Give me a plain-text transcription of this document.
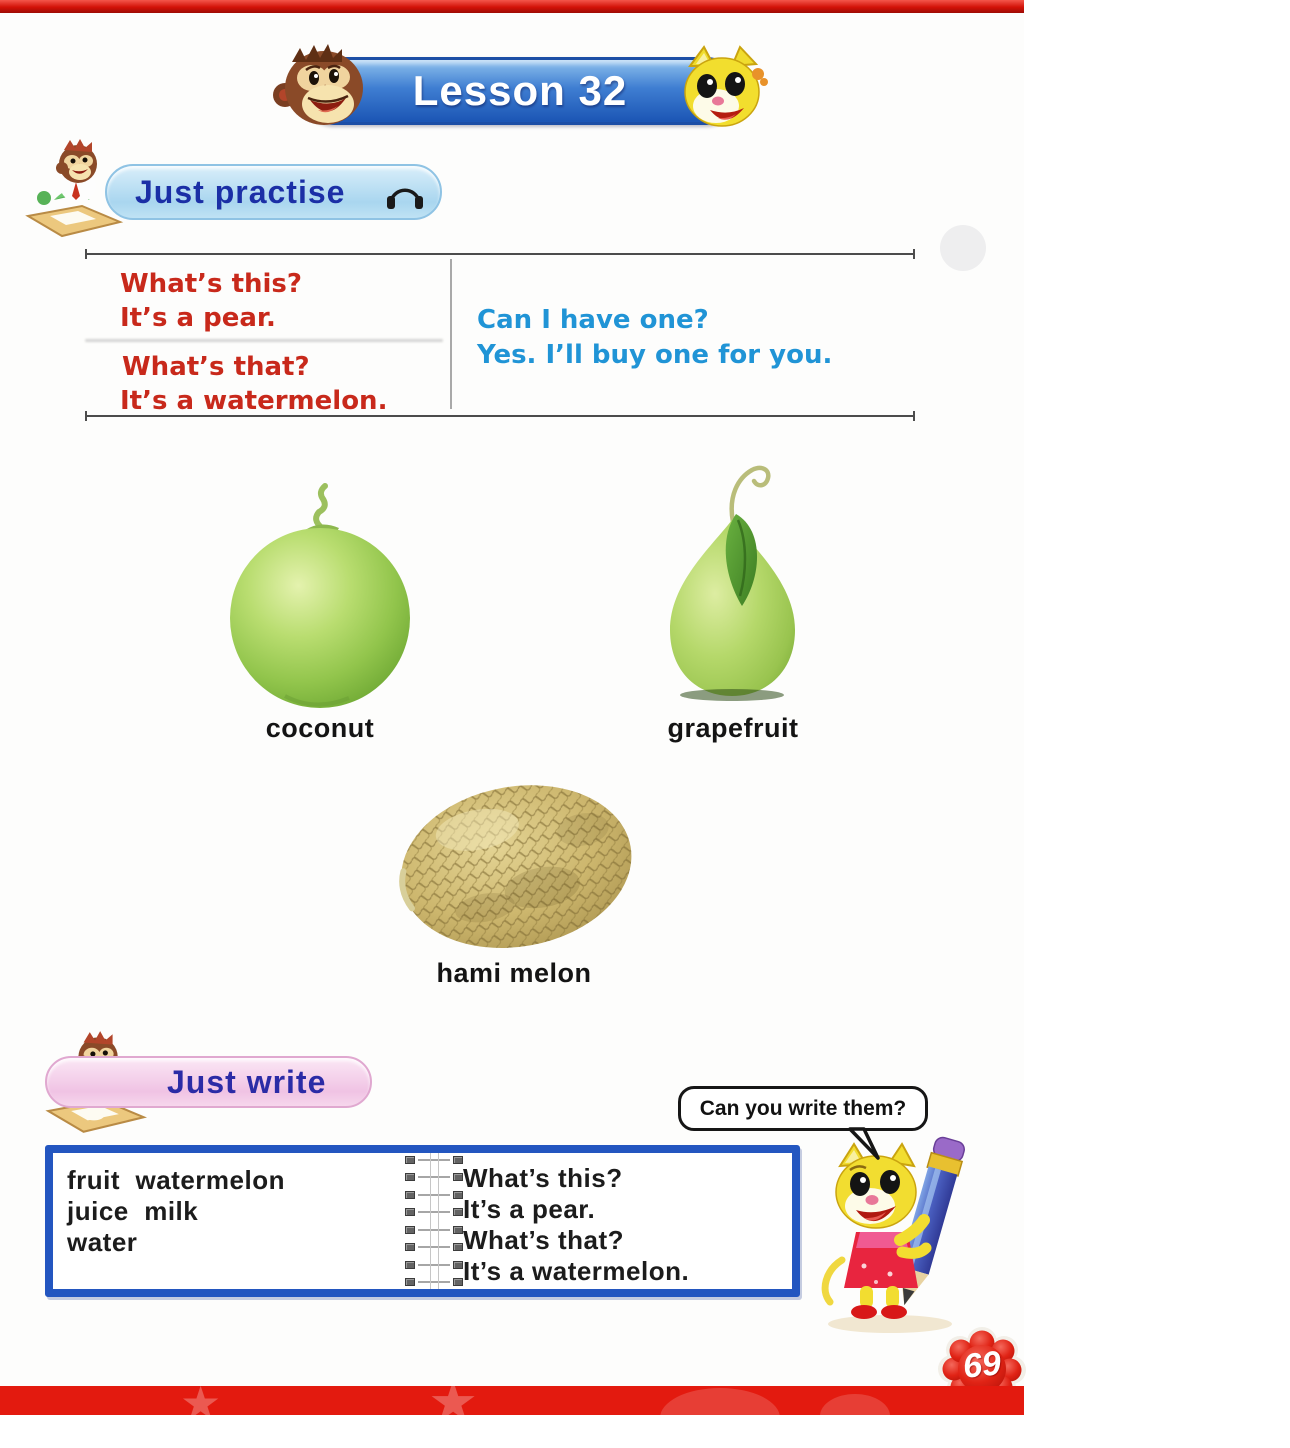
Lesson 32
Just practise
What’s this?
It’s a pear.
What’s that?
It’s a watermelon.
Can I have one?
Yes. I’ll buy one for you.
coconut	grapefruit
hami melon
Just write
Can you write them?
fruit  watermelon
juice  milk
water
What’s this?
It’s a pear.
What’s that?
It’s a watermelon.
69
★	★	★
